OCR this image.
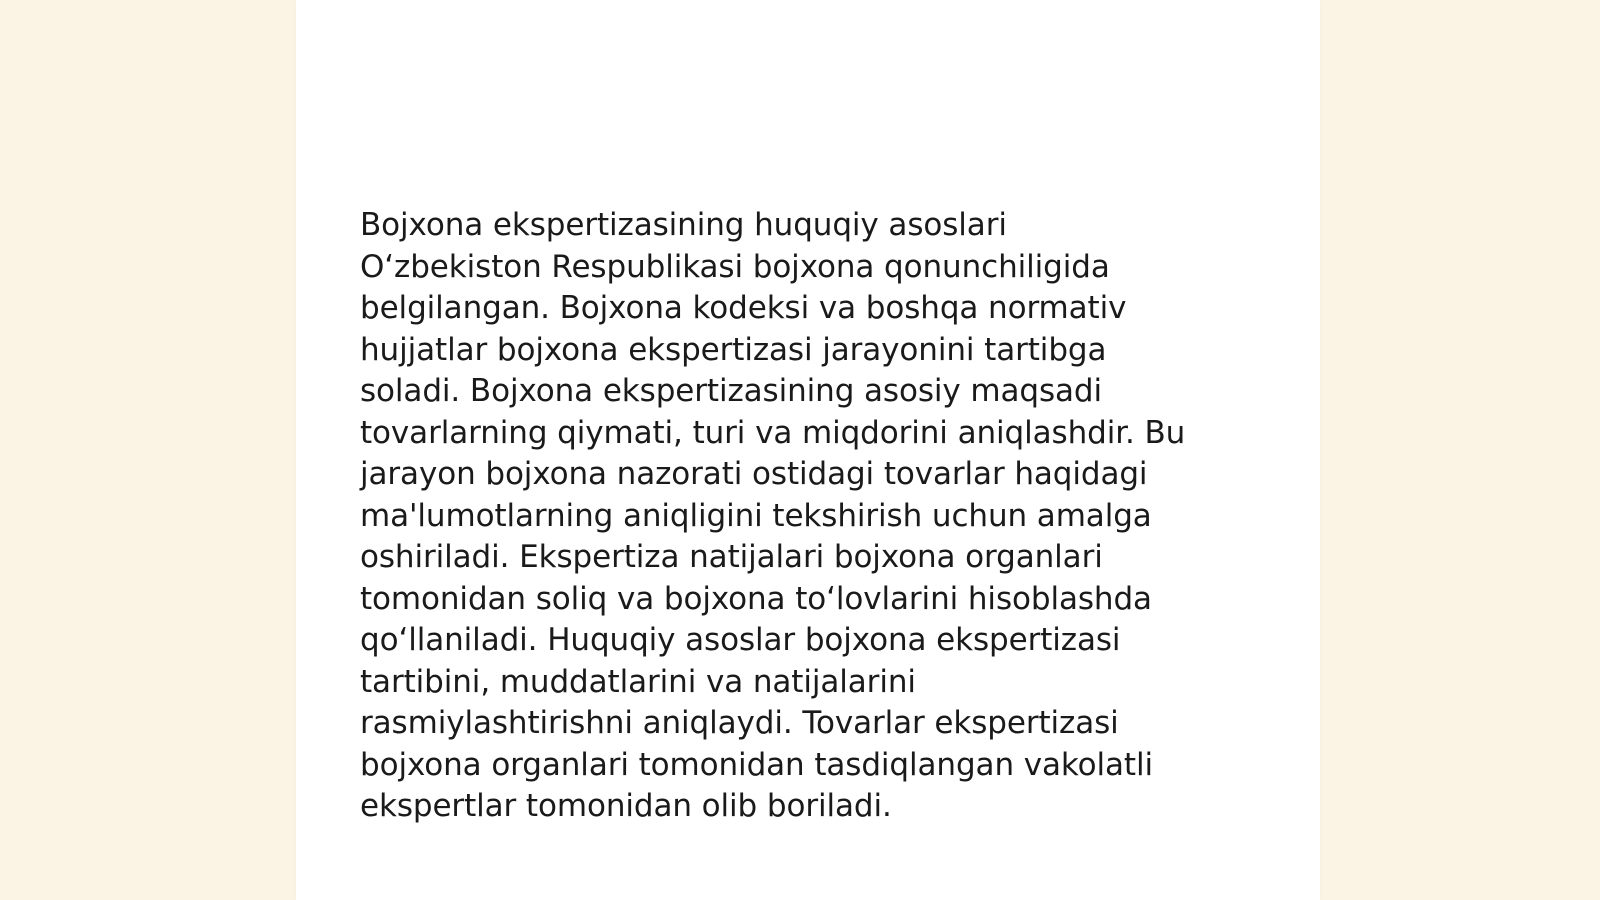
Bojxona ekspertizasining huquqiy asoslari
O‘zbekiston Respublikasi bojxona qonunchiligida
belgilangan. Bojxona kodeksi va boshqa normativ
hujjatlar bojxona ekspertizasi jarayonini tartibga
soladi. Bojxona ekspertizasining asosiy maqsadi
tovarlarning qiymati, turi va miqdorini aniqlashdir. Bu
jarayon bojxona nazorati ostidagi tovarlar haqidagi
ma'lumotlarning aniqligini tekshirish uchun amalga
oshiriladi. Ekspertiza natijalari bojxona organlari
tomonidan soliq va bojxona to‘lovlarini hisoblashda
qo‘llaniladi. Huquqiy asoslar bojxona ekspertizasi
tartibini, muddatlarini va natijalarini
rasmiylashtirishni aniqlaydi. Tovarlar ekspertizasi
bojxona organlari tomonidan tasdiqlangan vakolatli
ekspertlar tomonidan olib boriladi.
